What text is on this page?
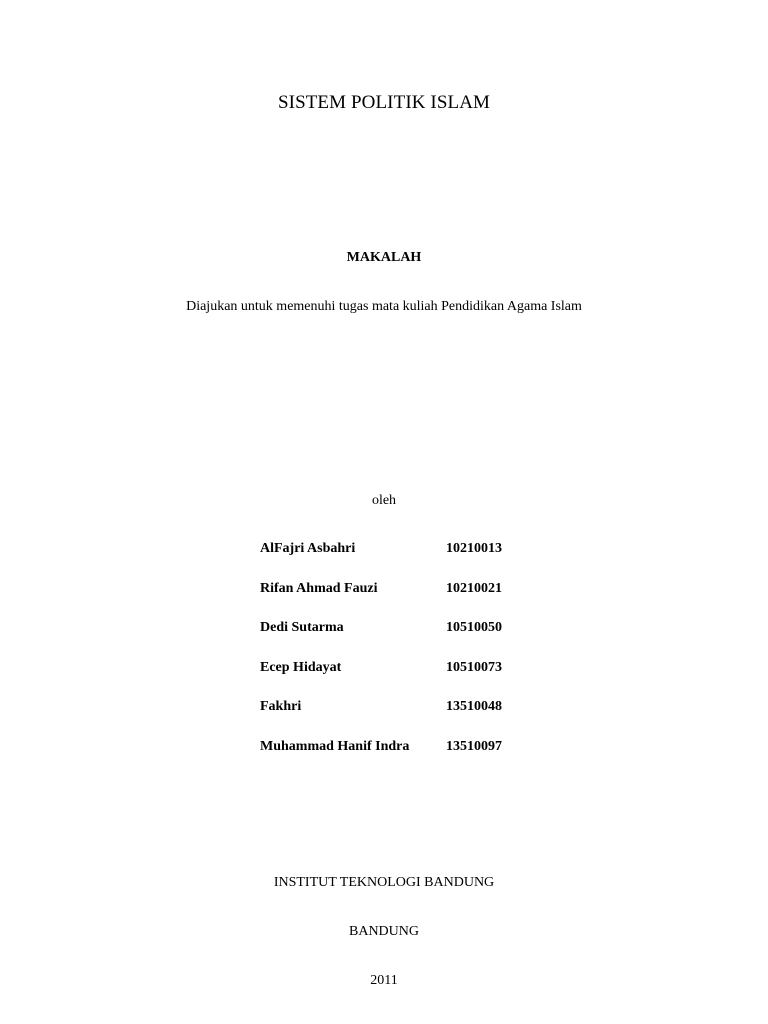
SISTEM POLITIK ISLAM
MAKALAH
Diajukan untuk memenuhi tugas mata kuliah Pendidikan Agama Islam
oleh
AlFajri Asbahri	10210013
Rifan Ahmad Fauzi	10210021
Dedi Sutarma	10510050
Ecep Hidayat	10510073
Fakhri	13510048
Muhammad Hanif Indra	13510097
INSTITUT TEKNOLOGI BANDUNG
BANDUNG
2011
